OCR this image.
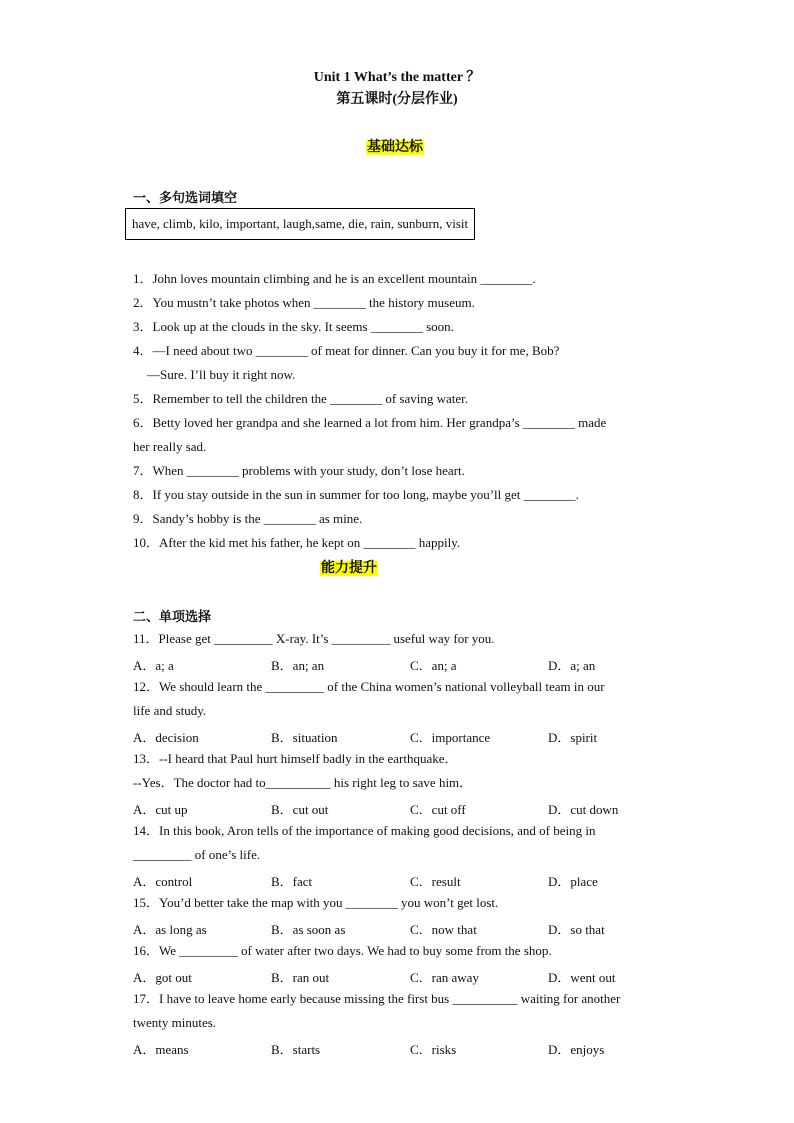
Unit 1 What’s the matter ？
第五课时(分层作业)
基础达标
一、多句选词填空
have, climb, kilo, important, laugh,same, die, rain, sunburn, visit
1．John loves mountain climbing and he is an excellent mountain ________.
2．You mustn’t take photos when ________ the history museum.
3．Look up at the clouds in the sky. It seems ________ soon.
4．—I need about two ________ of meat for dinner. Can you buy it for me, Bob?
—Sure. I’ll buy it right now.
5．Remember to tell the children the ________ of saving water.
6．Betty loved her grandpa and she learned a lot from him. Her grandpa’s ________ made
her really sad.
7．When ________ problems with your study, don’t lose heart.
8．If you stay outside in the sun in summer for too long, maybe you’ll get ________.
9．Sandy’s hobby is the ________ as mine.
10．After the kid met his father, he kept on ________ happily.
能力提升
二、单项选择
11．Please get _________ X-ray. It’s _________ useful way for you.
A．a; a	B．an; an	C．an; a	D．a; an
12．We should learn the _________ of the China women’s national volleyball team in our
life and study.
A．decision	B．situation	C．importance	D．spirit
13．--I heard that Paul hurt himself badly in the earthquake．
--Yes．The doctor had to__________ his right leg to save him．
A．cut up	B．cut out	C．cut off	D．cut down
14．In this book, Aron tells of the importance of making good decisions, and of being in
_________ of one’s life.
A．control	B．fact	C．result	D．place
15．You’d better take the map with you ________ you won’t get lost.
A．as long as	B．as soon as	C．now that	D．so that
16．We _________ of water after two days. We had to buy some from the shop.
A．got out	B．ran out	C．ran away	D．went out
17．I have to leave home early because missing the first bus __________ waiting for another
twenty minutes.
A．means	B．starts	C．risks	D．enjoys
